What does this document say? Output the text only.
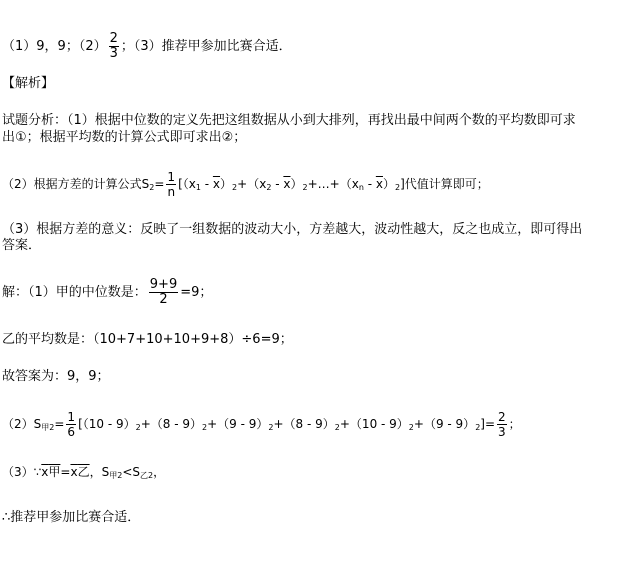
（1）9，9；$(2) \frac{2}{3}$ ；（3）推荐甲参加比赛合适．
【解析】
试题分析：（1）根据中位数的定义先把这组数据从小到大排列，再找出最中间两个数的平均数即可求
出①；根据平均数的计算公式即可求出②；
（2）根据方差的计算公式$S_2= \frac{1}{n} [(x_1 - \overline{x})_2+(x_2$ - $\overline{x})_2+\dots+(x_n - \overline{x})_2$]代值计算即可；
（3）根据方差的意义：反映了一组数据的波动大小，方差越大，波动性越大，反之也成立，即可得出
答案．
解：（1）甲的中位数是： $\frac{9+9}{2} =9$；
乙的平均数是：（10+7+10+10+9+8）÷6=9；
故答案为：9，9；
$(2)S_{甲2}= \frac{1}{6} [(10 - 9)_2+(8 - 9)_2+(9 - 9)_2+(8 - 9)_2+(10 - 9)_2+(9 - 9)_2]= \frac{2}{3}$ ；
$(3)\because\overline{x}$甲$=\overline{x}$乙，$S_{甲2}<S_{乙2}$，
∴推荐甲参加比赛合适．
